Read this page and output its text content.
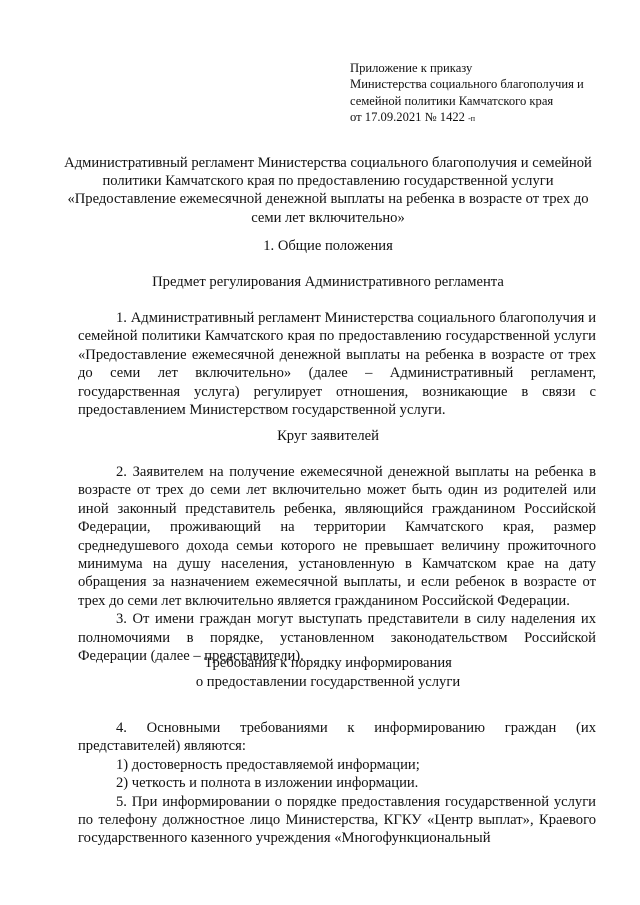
Приложение к приказу
Министерства социального благополучия и
семейной политики Камчатского края
от 17.09.2021 № 1422 -п
Административный регламент Министерства социального благополучия и семейной политики Камчатского края по предоставлению государственной услуги «Предоставление ежемесячной денежной выплаты на ребенка в возрасте от трех до семи лет включительно»
1. Общие положения
Предмет регулирования Административного регламента

1. Административный регламент Министерства социального благополучия и семейной политики Камчатского края по предоставлению государственной услуги «Предоставление ежемесячной денежной выплаты на ребенка в возрасте от трех до семи лет включительно» (далее – Административный регламент, государственная услуга) регулирует отношения, возникающие в связи с предоставлением Министерством государственной услуги.

Круг заявителей

2. Заявителем на получение ежемесячной денежной выплаты на ребенка в возрасте от трех до семи лет включительно может быть один из родителей или иной законный представитель ребенка, являющийся гражданином Российской Федерации, проживающий на территории Камчатского края, размер среднедушевого дохода семьи которого не превышает величину прожиточного минимума на душу населения, установленную в Камчатском крае на дату обращения за назначением ежемесячной выплаты, и если ребенок в возрасте от трех до семи лет включительно является гражданином Российской Федерации.

3. От имени граждан могут выступать представители в силу наделения их полномочиями в порядке, установленном законодательством Российской Федерации (далее – представители).

Требования к порядку информирования
о предоставлении государственной услуги

4. Основными требованиями к информированию граждан (их представителей) являются:

1) достоверность предоставляемой информации;

2) четкость и полнота в изложении информации.

5. При информировании о порядке предоставления государственной услуги по телефону должностное лицо Министерства, КГКУ «Центр выплат», Краевого государственного казенного учреждения «Многофункциональный
